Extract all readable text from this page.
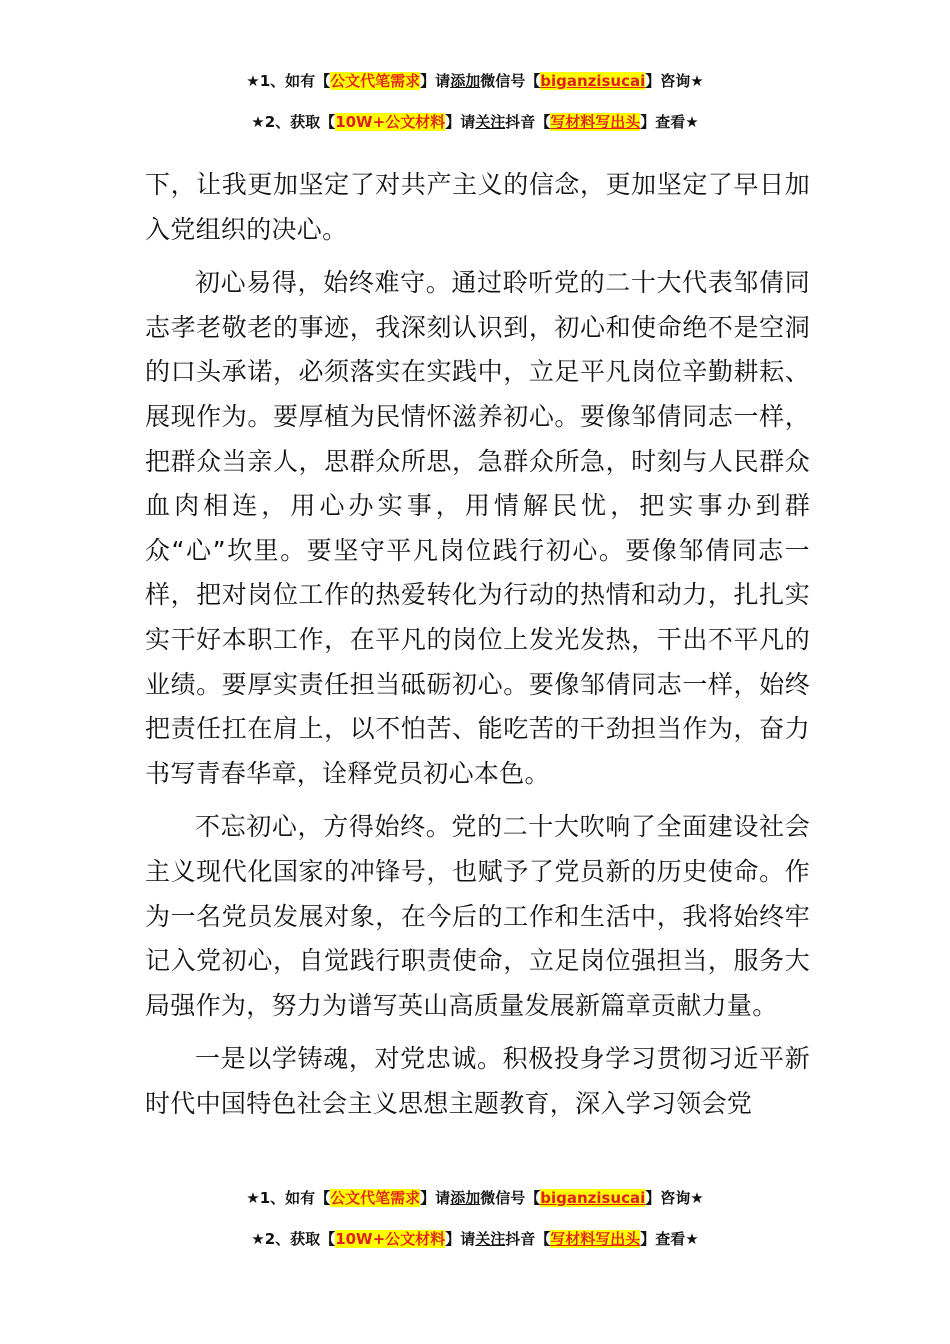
★1、如有【公文代笔需求】请添加微信号【biganzisucai】咨询★
★2、获取【10W+公文材料】请关注抖音【写材料写出头】查看★

下，让我更加坚定了对共产主义的信念，更加坚定了早日加入党组织的决心。

初心易得，始终难守。通过聆听党的二十大代表邹倩同志孝老敬老的事迹，我深刻认识到，初心和使命绝不是空洞的口头承诺，必须落实在实践中，立足平凡岗位辛勤耕耘、展现作为。要厚植为民情怀滋养初心。要像邹倩同志一样，把群众当亲人，思群众所思，急群众所急，时刻与人民群众血肉相连，用心办实事，用情解民忧，把实事办到群众“心”坎里。要坚守平凡岗位践行初心。要像邹倩同志一样，把对岗位工作的热爱转化为行动的热情和动力，扎扎实实干好本职工作，在平凡的岗位上发光发热，干出不平凡的业绩。要厚实责任担当砥砺初心。要像邹倩同志一样，始终把责任扛在肩上，以不怕苦、能吃苦的干劲担当作为，奋力书写青春华章，诠释党员初心本色。

不忘初心，方得始终。党的二十大吹响了全面建设社会主义现代化国家的冲锋号，也赋予了党员新的历史使命。作为一名党员发展对象，在今后的工作和生活中，我将始终牢记入党初心，自觉践行职责使命，立足岗位强担当，服务大局强作为，努力为谱写英山高质量发展新篇章贡献力量。

一是以学铸魂，对党忠诚。积极投身学习贯彻习近平新时代中国特色社会主义思想主题教育，深入学习领会党

★1、如有【公文代笔需求】请添加微信号【biganzisucai】咨询★
★2、获取【10W+公文材料】请关注抖音【写材料写出头】查看★
